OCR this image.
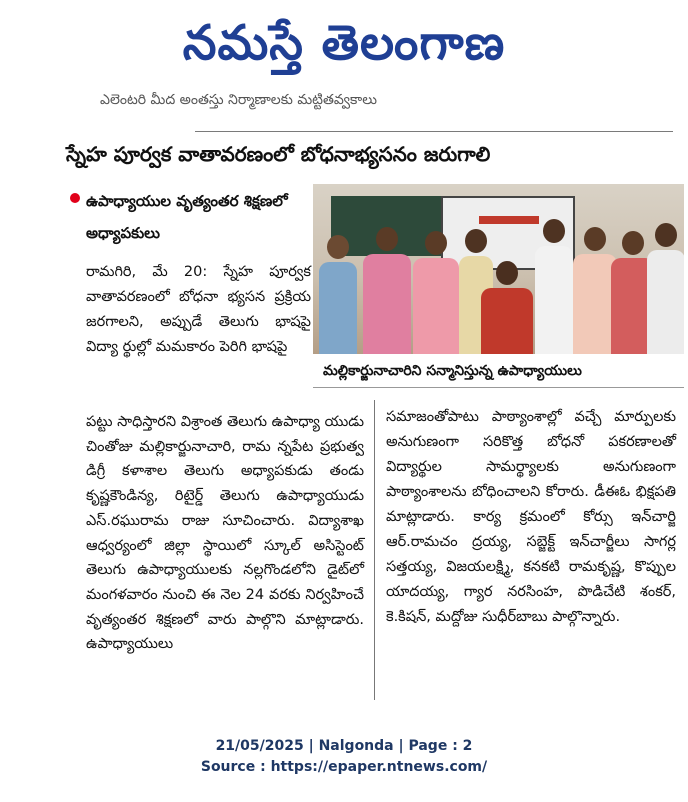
నమస్తే తెలంగాణ
ఎలెంటరి మీద అంతస్తు నిర్మాణాలకు మట్టితవ్వకాలు
స్నేహ పూర్వక వాతావరణంలో బోధనాభ్యసనం జరుగాలి
ఉపాధ్యాయుల వృత్యంతర శిక్షణలో అధ్యాపకులు
మల్లికార్జునాచారిని సన్మానిస్తున్న ఉపాధ్యాయులు
రామగిరి, మే 20: స్నేహ పూర్వక వాతావరణంలో బోధనా భ్యసన ప్రక్రియ జరగాలని, అప్పుడే తెలుగు భాషపై విద్యా ర్థుల్లో మమకారం పెరిగి భాషపై
పట్టు సాధిస్తారని విశ్రాంత తెలుగు ఉపాధ్యా యుడు చింతోజు మల్లికార్జునాచారి, రామ న్నపేట ప్రభుత్వ డిగ్రీ కళాశాల తెలుగు అధ్యాపకుడు తండు కృష్ణకౌండిన్య, రిటైర్డ్ తెలుగు ఉపాధ్యాయుడు ఎస్.రఘురామ రాజు సూచించారు. విద్యాశాఖ ఆధ్వర్యంలో జిల్లా స్థాయిలో స్కూల్ అసిస్టెంట్ తెలుగు ఉపాధ్యాయులకు నల్లగొండలోని డైట్‌లో మంగళవారం నుంచి ఈ నెల 24 వరకు నిర్వహించే వృత్యంతర శిక్షణలో వారు పాల్గొని మాట్లాడారు. ఉపాధ్యాయులు
సమాజంతోపాటు పాఠ్యాంశాల్లో వచ్చే మార్పులకు అనుగుణంగా సరికొత్త బోధనో పకరణాలతో విద్యార్థుల సామర్థ్యాలకు అనుగుణంగా పాఠ్యాంశాలను బోధించాలని కోరారు. డీఈఓ భిక్షపతి మాట్లాడారు. కార్య క్రమంలో కోర్సు ఇన్‌చార్జి ఆర్.రామచం ద్రయ్య, సబ్జెక్ట్ ఇన్‌చార్జీలు సాగర్ల సత్తయ్య, విజయలక్ష్మి, కనకటి రామకృష్ణ, కొప్పుల యాదయ్య, గ్యార నరసింహ, పొడిచేటి శంకర్, కె.కిషన్, మద్దోజు సుధీర్‌బాబు పాల్గొన్నారు.
21/05/2025 | Nalgonda | Page : 2
Source : https://epaper.ntnews.com/
